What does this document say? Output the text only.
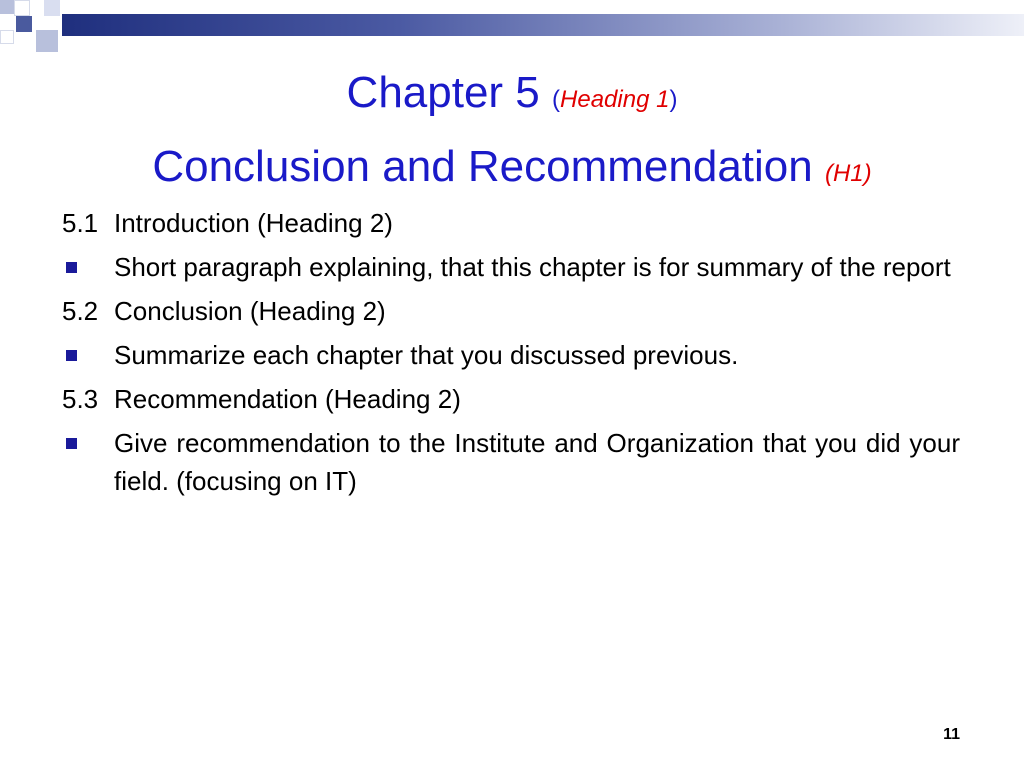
Chapter 5 (Heading 1)
Conclusion and Recommendation (H1)
5.1 Introduction (Heading 2)
Short paragraph explaining, that this chapter is for summary of the report
5.2 Conclusion (Heading 2)
Summarize each chapter that you discussed previous.
5.3 Recommendation (Heading 2)
Give recommendation to the Institute and Organization that you did your field. (focusing on IT)
11
